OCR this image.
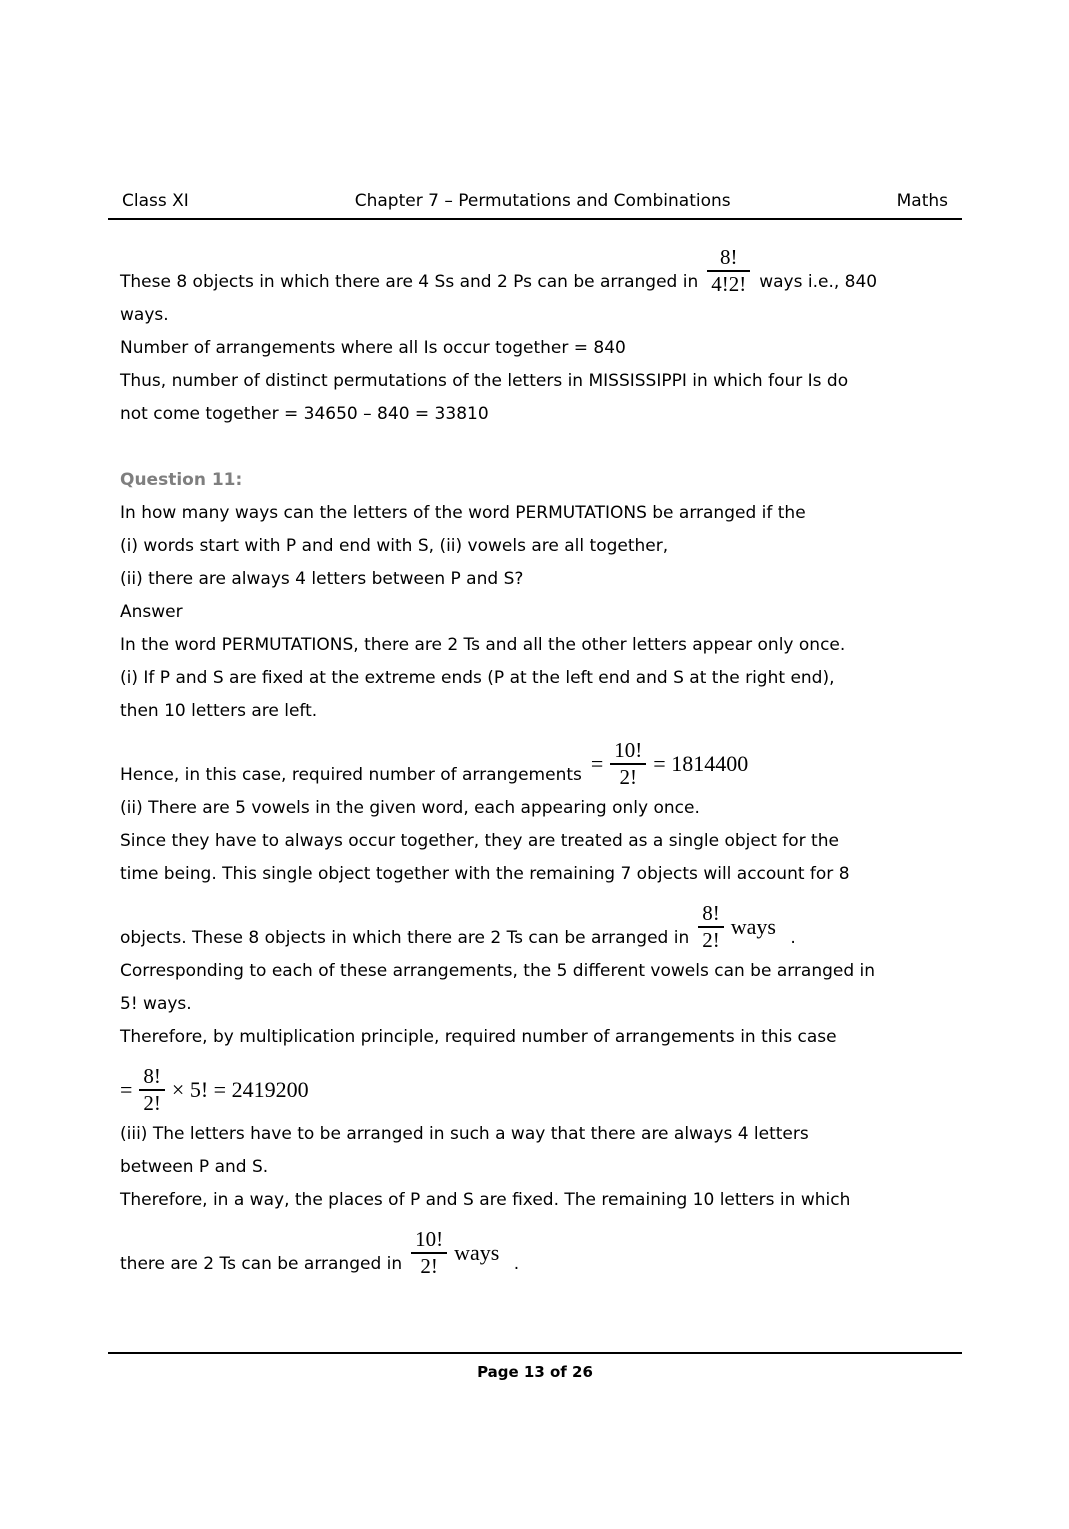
Class XI	Chapter 7 – Permutations and Combinations	Maths
These 8 objects in which there are 4 Ss and 2 Ps can be arranged in $\frac{8!}{4!2!}$ ways i.e., 840
ways.
Number of arrangements where all Is occur together = 840
Thus, number of distinct permutations of the letters in MISSISSIPPI in which four Is do
not come together = 34650 – 840 = 33810
Question 11:
In how many ways can the letters of the word PERMUTATIONS be arranged if the
(i) words start with P and end with S, (ii) vowels are all together,
(ii) there are always 4 letters between P and S?
Answer
In the word PERMUTATIONS, there are 2 Ts and all the other letters appear only once.
(i) If P and S are fixed at the extreme ends (P at the left end and S at the right end),
then 10 letters are left.
Hence, in this case, required number of arrangements = $\frac{10!}{2!} = 1814400$
(ii) There are 5 vowels in the given word, each appearing only once.
Since they have to always occur together, they are treated as a single object for the
time being. This single object together with the remaining 7 objects will account for 8
objects. These 8 objects in which there are 2 Ts can be arranged in $\frac{8!}{2!}$ ways .
Corresponding to each of these arrangements, the 5 different vowels can be arranged in
5! ways.
Therefore, by multiplication principle, required number of arrangements in this case
= $\frac{8!}{2!} \times 5$! = 2419200
(iii) The letters have to be arranged in such a way that there are always 4 letters
between P and S.
Therefore, in a way, the places of P and S are fixed. The remaining 10 letters in which
there are 2 Ts can be arranged in $\frac{10!}{2!}$ ways .
Page 13 of 26
